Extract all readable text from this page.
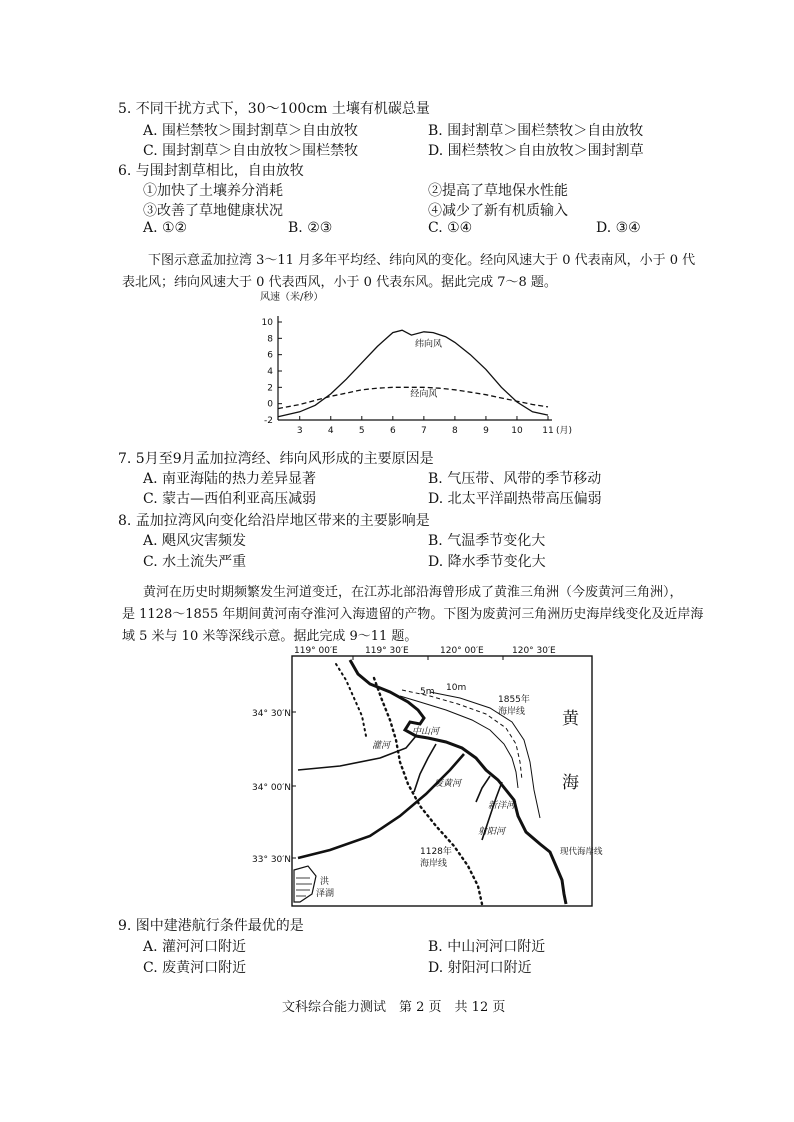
5. 不同干扰方式下，30～100cm 土壤有机碳总量
A. 围栏禁牧＞围封割草＞自由放牧	B. 围封割草＞围栏禁牧＞自由放牧
C. 围封割草＞自由放牧＞围栏禁牧	D. 围栏禁牧＞自由放牧＞围封割草
6. 与围封割草相比，自由放牧
①加快了土壤养分消耗	②提高了草地保水性能
③改善了草地健康状况	④减少了新有机质输入
A. ①②	B. ②③	C. ①④	D. ③④
下图示意孟加拉湾 3～11 月多年平均经、纬向风的变化。经向风速大于 0 代表南风，小于 0 代
表北风；纬向风速大于 0 代表西风，小于 0 代表东风。据此完成 7～8 题。
-2
0
2
4
6
8
10
3	4	5	6	7	8	9 10 11
风速（米/秒）
(月)
纬向风
经向风
7. 5月至9月孟加拉湾经、纬向风形成的主要原因是
A. 南亚海陆的热力差异显著	B. 气压带、风带的季节移动
C. 蒙古—西伯利亚高压减弱	D. 北太平洋副热带高压偏弱
8. 孟加拉湾风向变化给沿岸地区带来的主要影响是
A. 飓风灾害频发	B. 气温季节变化大
C. 水土流失严重	D. 降水季节变化大
黄河在历史时期频繁发生河道变迁，在江苏北部沿海曾形成了黄淮三角洲（今废黄河三角洲），
是 1128～1855 年期间黄河南夺淮河入海遗留的产物。下图为废黄河三角洲历史海岸线变化及近岸海
域 5 米与 10 米等深线示意。据此完成 9～11 题。
119° 00′E	119° 30′E	120° 00′E	120° 30′E
34° 30′N
34° 00′N
33° 30′N
黄
海
5m 10m
1855年
海岸线
1128年
海岸线
灌河
中山河
废黄河
新洋河
射阳河
现代海岸线
洪
泽湖
9. 图中建港航行条件最优的是
A. 灌河河口附近	B. 中山河河口附近
C. 废黄河口附近	D. 射阳河口附近
文科综合能力测试　第 2 页　共 12 页
